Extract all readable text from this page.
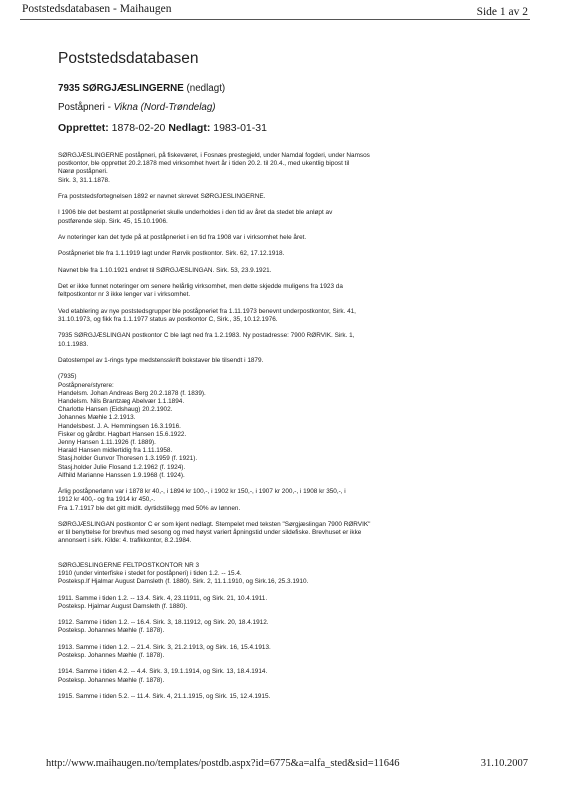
Poststedsdatabasen - Maihaugen	Side 1 av 2
Poststedsdatabasen
7935 SØRGJÆSLINGERNE (nedlagt)
Poståpneri - Vikna (Nord-Trøndelag)
Opprettet: 1878-02-20 Nedlagt: 1983-01-31

SØRGJÆSLINGERNE poståpneri, på fiskeværet, i Fosnæs prestegjeld, under Namdal fogderi, under Namsos
postkontor, ble opprettet 20.2.1878 med virksomhet hvert år i tiden 20.2. til 20.4., med ukentlig bipost til
Nærø poståpneri.
Sirk. 3, 31.1.1878.

Fra poststedsfortegnelsen 1892 er navnet skrevet SØRGJESLINGERNE.

I 1906 ble det bestemt at poståpneriet skulle underholdes i den tid av året da stedet ble anløpt av
postførende skip. Sirk. 45, 15.10.1906.

Av noteringer kan det tyde på at poståpneriet i en tid fra 1908 var i virksomhet hele året.

Poståpneriet ble fra 1.1.1919 lagt under Rørvik postkontor. Sirk. 62, 17.12.1918.

Navnet ble fra 1.10.1921 endret til SØRGJÆSLINGAN. Sirk. 53, 23.9.1921.

Det er ikke funnet noteringer om senere helårlig virksomhet, men dette skjedde muligens fra 1923 da
feltpostkontor nr 3 ikke lenger var i virksomhet.

Ved etablering av nye poststedsgrupper ble poståpneriet fra 1.11.1973 benevnt underpostkontor, Sirk. 41,
31.10.1973, og fikk fra 1.1.1977 status av postkontor C, Sirk., 35, 10.12.1976.

7935 SØRGJÆSLINGAN postkontor C ble lagt ned fra 1.2.1983. Ny postadresse: 7900 RØRVIK. Sirk. 1,
10.1.1983.

Datostempel av 1-rings type medstensskrift bokstaver ble tilsendt i 1879.

(7935)
Poståpnere/styrere:
Handelsm. Johan Andreas Berg 20.2.1878 (f. 1839).
Handelsm. Nils Brantzæg Abelvær 1.1.1894.
Charlotte Hansen (Eidshaug) 20.2.1902.
Johannes Mæhle 1.2.1913.
Handelsbest. J. A. Hemmingsen 16.3.1916.
Fisker og gårdbr. Hagbart Hansen 15.6.1922.
Jenny Hansen 1.11.1926 (f. 1889).
Harald Hansen midlertidig fra 1.11.1958.
Stasj.holder Gunvor Thoresen 1.3.1959 (f. 1921).
Stasj.holder Julie Flosand 1.2.1962 (f. 1924).
Alfhild Marianne Hanssen 1.9.1968 (f. 1924).

Årlig poståpnerlønn var i 1878 kr 40,-, i 1894 kr 100,-, i 1902 kr 150,-, i 1907 kr 200,-, i 1908 kr 350,-, i
1912 kr 400,- og fra 1914 kr 450,-.
Fra 1.7.1917 ble det gitt midlt. dyrtidstillegg med 50% av lønnen.

SØRGJÆSLINGAN postkontor C er som kjent nedlagt. Stempelet med teksten "Sørgjæslingan 7900 RØRVIK"
er til benyttelse for brevhus med sesong og med høyst variert åpningstid under sildefiske. Brevhuset er ikke
annonsert i sirk. Kilde: 4. trafikkontor, 8.2.1984.

SØRGJESLINGERNE FELTPOSTKONTOR NR 3
1910 (under vinterfiske i stedet for poståpneri) i tiden 1.2. -- 15.4.
Posteksp.If Hjalmar August Damsleth (f. 1880). Sirk. 2, 11.1.1910, og Sirk.16, 25.3.1910.

1911. Samme i tiden 1.2. -- 13.4. Sirk. 4, 23.11911, og Sirk. 21, 10.4.1911.
Posteksp. Hjalmar August Damsleth (f. 1880).

1912. Samme i tiden 1.2. -- 16.4. Sirk. 3, 18.11912, og Sirk. 20, 18.4.1912.
Posteksp. Johannes Mæhle (f. 1878).

1913. Samme i tiden 1.2. -- 21.4. Sirk. 3, 21.2.1913, og Sirk. 16, 15.4.1913.
Posteksp. Johannes Mæhle (f. 1878).

1914. Samme i tiden 4.2. -- 4.4. Sirk. 3, 19.1.1914, og Sirk. 13, 18.4.1914.
Posteksp. Johannes Mæhle (f. 1878).

1915. Samme i tiden 5.2. -- 11.4. Sirk. 4, 21.1.1915, og Sirk. 15, 12.4.1915.

http://www.maihaugen.no/templates/postdb.aspx?id=6775&a=alfa_sted&sid=11646	31.10.2007
